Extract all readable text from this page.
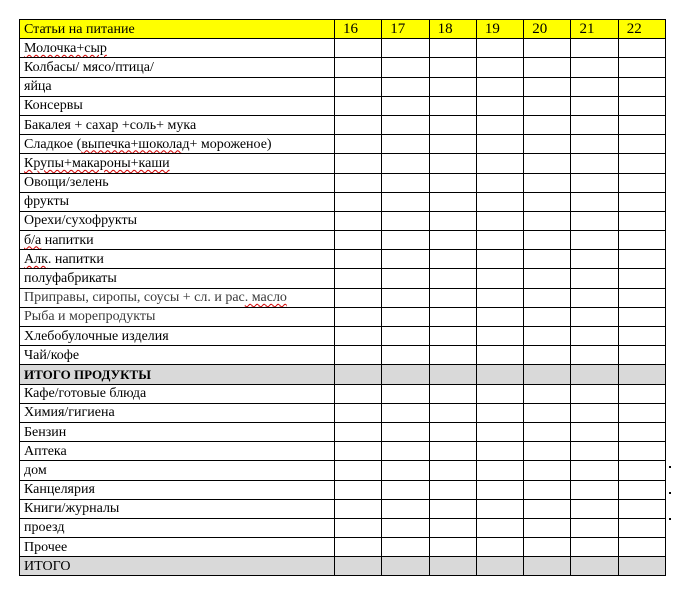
Статьи на питание	16	17	18	19	20	21	22
Молочка+сыр							
Колбасы/ мясо/птица/							
яйца							
Консервы							
Бакалея + сахар +соль+ мука							
Сладкое (выпечка+шоколад+ мороженое)							
Крупы+макароны+каши							
Овощи/зелень							
фрукты							
Орехи/сухофрукты							
б/а напитки							
Алк. напитки							
полуфабрикаты							
Приправы, сиропы, соусы + сл. и рас. масло							
Рыба и морепродукты							
Хлебобулочные изделия							
Чай/кофе							
ИТОГО ПРОДУКТЫ							
Кафе/готовые блюда							
Химия/гигиена							
Бензин							
Аптека							
дом							
Канцелярия							
Книги/журналы							
проезд							
Прочее							
ИТОГО							
